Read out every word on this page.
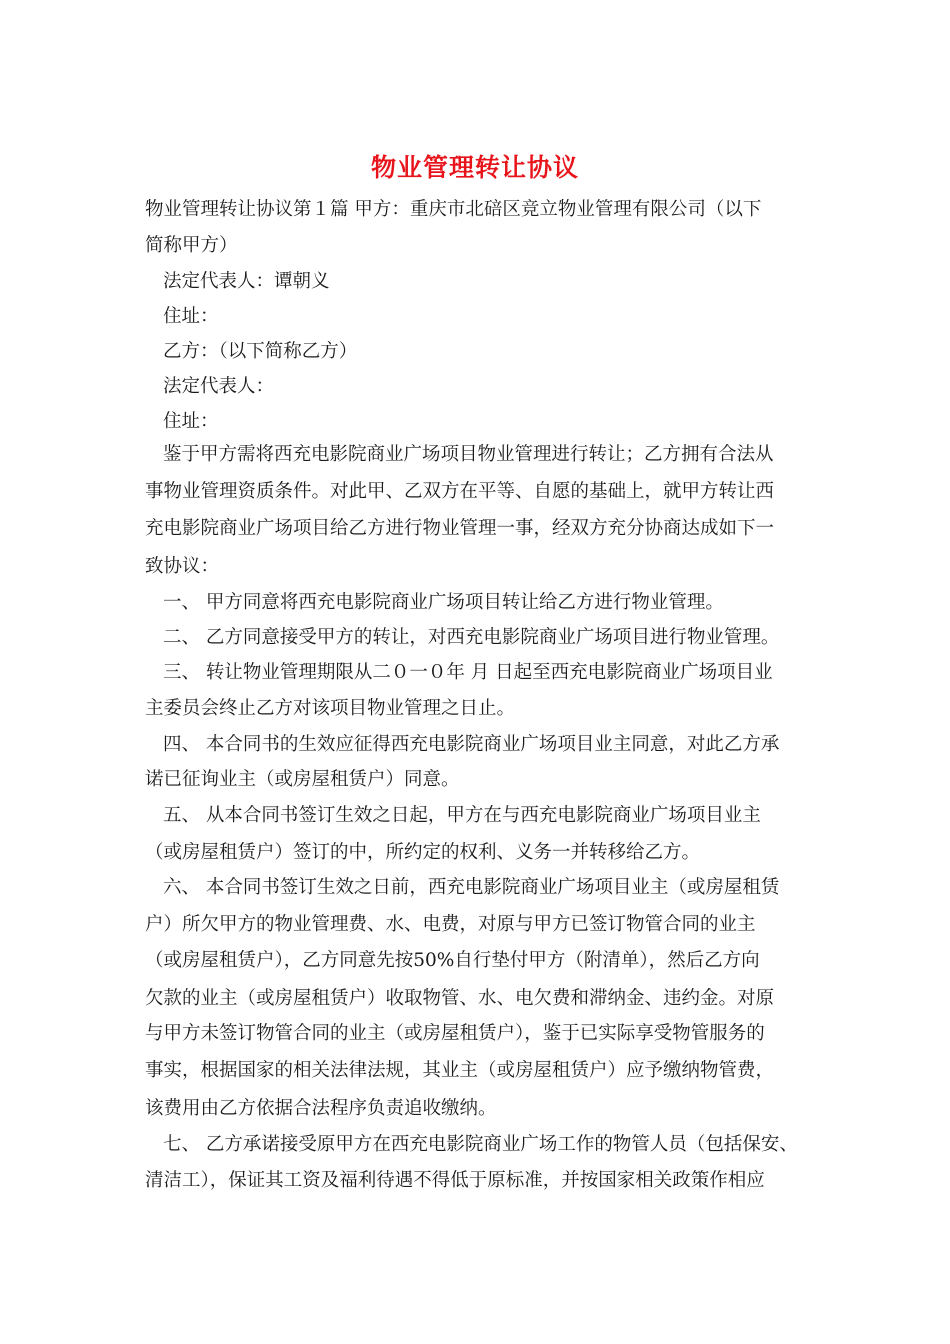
物业管理转让协议

物业管理转让协议第１篇 甲方：重庆市北碚区竞立物业管理有限公司（以下

简称甲方）

法定代表人：谭朝义

住址：

乙方：（以下简称乙方）

法定代表人：

住址：

鉴于甲方需将西充电影院商业广场项目物业管理进行转让；乙方拥有合法从

事物业管理资质条件。对此甲、乙双方在平等、自愿的基础上，就甲方转让西

充电影院商业广场项目给乙方进行物业管理一事，经双方充分协商达成如下一

致协议：

一、 甲方同意将西充电影院商业广场项目转让给乙方进行物业管理。

二、 乙方同意接受甲方的转让，对西充电影院商业广场项目进行物业管理。

三、 转让物业管理期限从二０一０年 月 日起至西充电影院商业广场项目业

主委员会终止乙方对该项目物业管理之日止。

四、 本合同书的生效应征得西充电影院商业广场项目业主同意，对此乙方承

诺已征询业主（或房屋租赁户）同意。

五、 从本合同书签订生效之日起，甲方在与西充电影院商业广场项目业主

（或房屋租赁户）签订的中，所约定的权利、义务一并转移给乙方。

六、 本合同书签订生效之日前，西充电影院商业广场项目业主（或房屋租赁

户）所欠甲方的物业管理费、水、电费，对原与甲方已签订物管合同的业主

（或房屋租赁户），乙方同意先按50%自行垫付甲方（附清单），然后乙方向

欠款的业主（或房屋租赁户）收取物管、水、电欠费和滞纳金、违约金。对原

与甲方未签订物管合同的业主（或房屋租赁户），鉴于已实际享受物管服务的

事实，根据国家的相关法律法规，其业主（或房屋租赁户）应予缴纳物管费，

该费用由乙方依据合法程序负责追收缴纳。

七、 乙方承诺接受原甲方在西充电影院商业广场工作的物管人员（包括保安、

清洁工），保证其工资及福利待遇不得低于原标准，并按国家相关政策作相应
